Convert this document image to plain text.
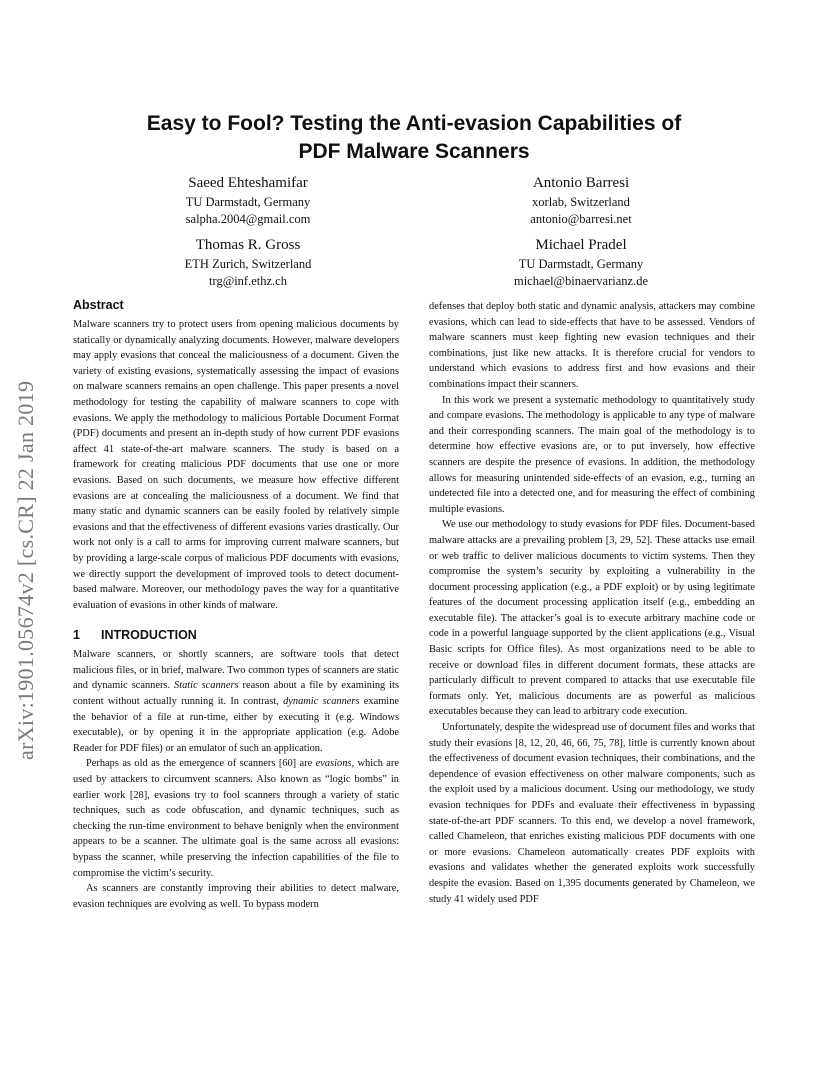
arXiv:1901.05674v2 [cs.CR] 22 Jan 2019
Easy to Fool? Testing the Anti-evasion Capabilities of
PDF Malware Scanners
Saeed Ehteshamifar
TU Darmstadt, Germany
salpha.2004@gmail.com
Antonio Barresi
xorlab, Switzerland
antonio@barresi.net
Thomas R. Gross
ETH Zurich, Switzerland
trg@inf.ethz.ch
Michael Pradel
TU Darmstadt, Germany
michael@binaervarianz.de
Abstract

Malware scanners try to protect users from opening malicious documents by statically or dynamically analyzing documents. However, malware developers may apply evasions that conceal the maliciousness of a document. Given the variety of existing evasions, systematically assessing the impact of evasions on malware scanners remains an open challenge. This paper presents a novel methodology for testing the capability of malware scanners to cope with evasions. We apply the methodology to malicious Portable Document Format (PDF) documents and present an in-depth study of how current PDF evasions affect 41 state-of-the-art malware scanners. The study is based on a framework for creating malicious PDF documents that use one or more evasions. Based on such documents, we measure how effective different evasions are at concealing the maliciousness of a document. We find that many static and dynamic scanners can be easily fooled by relatively simple evasions and that the effectiveness of different evasions varies drastically. Our work not only is a call to arms for improving current malware scanners, but by providing a large-scale corpus of malicious PDF documents with evasions, we directly support the development of improved tools to detect document-based malware. Moreover, our methodology paves the way for a quantitative evaluation of evasions in other kinds of malware.

1 INTRODUCTION

Malware scanners, or shortly scanners, are software tools that detect malicious files, or in brief, malware. Two common types of scanners are static and dynamic scanners. Static scanners reason about a file by examining its content without actually running it. In contrast, dynamic scanners examine the behavior of a file at run-time, either by executing it (e.g. Windows executable), or by opening it in the appropriate application (e.g. Adobe Reader for PDF files) or an emulator of such an application.

Perhaps as old as the emergence of scanners [60] are evasions, which are used by attackers to circumvent scanners. Also known as “logic bombs” in earlier work [28], evasions try to fool scanners through a variety of static techniques, such as code obfuscation, and dynamic techniques, such as checking the run-time environment to behave benignly when the environment appears to be a scanner. The ultimate goal is the same across all evasions: bypass the scanner, while preserving the infection capabilities of the file to compromise the victim’s security.

As scanners are constantly improving their abilities to detect malware, evasion techniques are evolving as well. To bypass modern

defenses that deploy both static and dynamic analysis, attackers may combine evasions, which can lead to side-effects that have to be assessed. Vendors of malware scanners must keep fighting new evasion techniques and their combinations, just like new attacks. It is therefore crucial for vendors to understand which evasions to address first and how evasions and their combinations impact their scanners.

In this work we present a systematic methodology to quantitatively study and compare evasions. The methodology is applicable to any type of malware and their corresponding scanners. The main goal of the methodology is to determine how effective evasions are, or to put inversely, how effective scanners are despite the presence of evasions. In addition, the methodology allows for measuring unintended side-effects of an evasion, e.g., turning an undetected file into a detected one, and for measuring the effect of combining multiple evasions.

We use our methodology to study evasions for PDF files. Document-based malware attacks are a prevailing problem [3, 29, 52]. These attacks use email or web traffic to deliver malicious documents to victim systems. Then they compromise the system’s security by exploiting a vulnerability in the document processing application (e.g., a PDF exploit) or by using legitimate features of the document processing application itself (e.g., embedding an executable file). The attacker’s goal is to execute arbitrary machine code or code in a powerful language supported by the client applications (e.g., Visual Basic scripts for Office files). As most organizations need to be able to receive or download files in different document formats, these attacks are particularly difficult to prevent compared to attacks that use executable file formats only. Yet, malicious documents are as powerful as malicious executables because they can lead to arbitrary code execution.

Unfortunately, despite the widespread use of document files and works that study their evasions [8, 12, 20, 46, 66, 75, 78], little is currently known about the effectiveness of document evasion techniques, their combinations, and the dependence of evasion effectiveness on other malware components, such as the exploit used by a malicious document. Using our methodology, we study evasion techniques for PDFs and evaluate their effectiveness in bypassing state-of-the-art PDF scanners. To this end, we develop a novel framework, called Chameleon, that enriches existing malicious PDF documents with one or more evasions. Chameleon automatically creates PDF exploits with evasions and validates whether the generated exploits work successfully despite the evasion. Based on 1,395 documents generated by Chameleon, we study 41 widely used PDF
